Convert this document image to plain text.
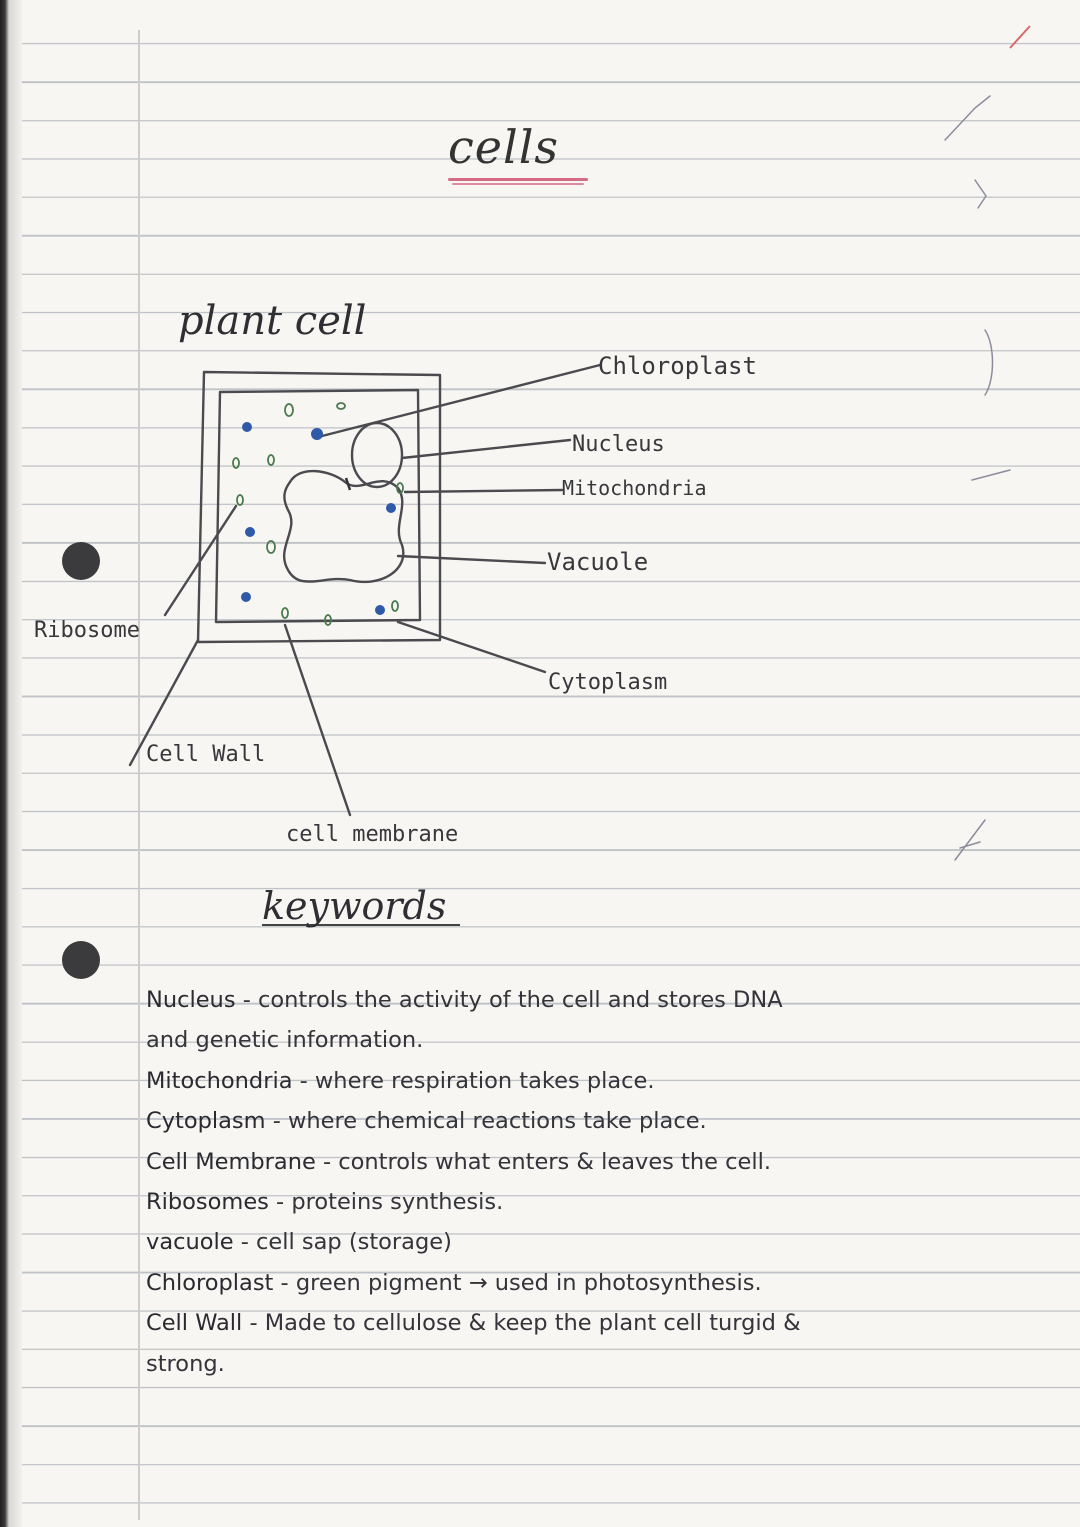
cells
plant cell
Chloroplast
Nucleus
Mitochondria
Vacuole
Cytoplasm
Ribosome
Cell Wall
cell membrane
keywords
Nucleus - controls the activity of the cell and stores DNA
and genetic information.
Mitochondria - where respiration takes place.
Cytoplasm - where chemical reactions take place.
Cell Membrane - controls what enters & leaves the cell.
Ribosomes - proteins synthesis.
vacuole - cell sap (storage)
Chloroplast - green pigment → used in photosynthesis.
Cell Wall - Made to cellulose & keep the plant cell turgid &
strong.
